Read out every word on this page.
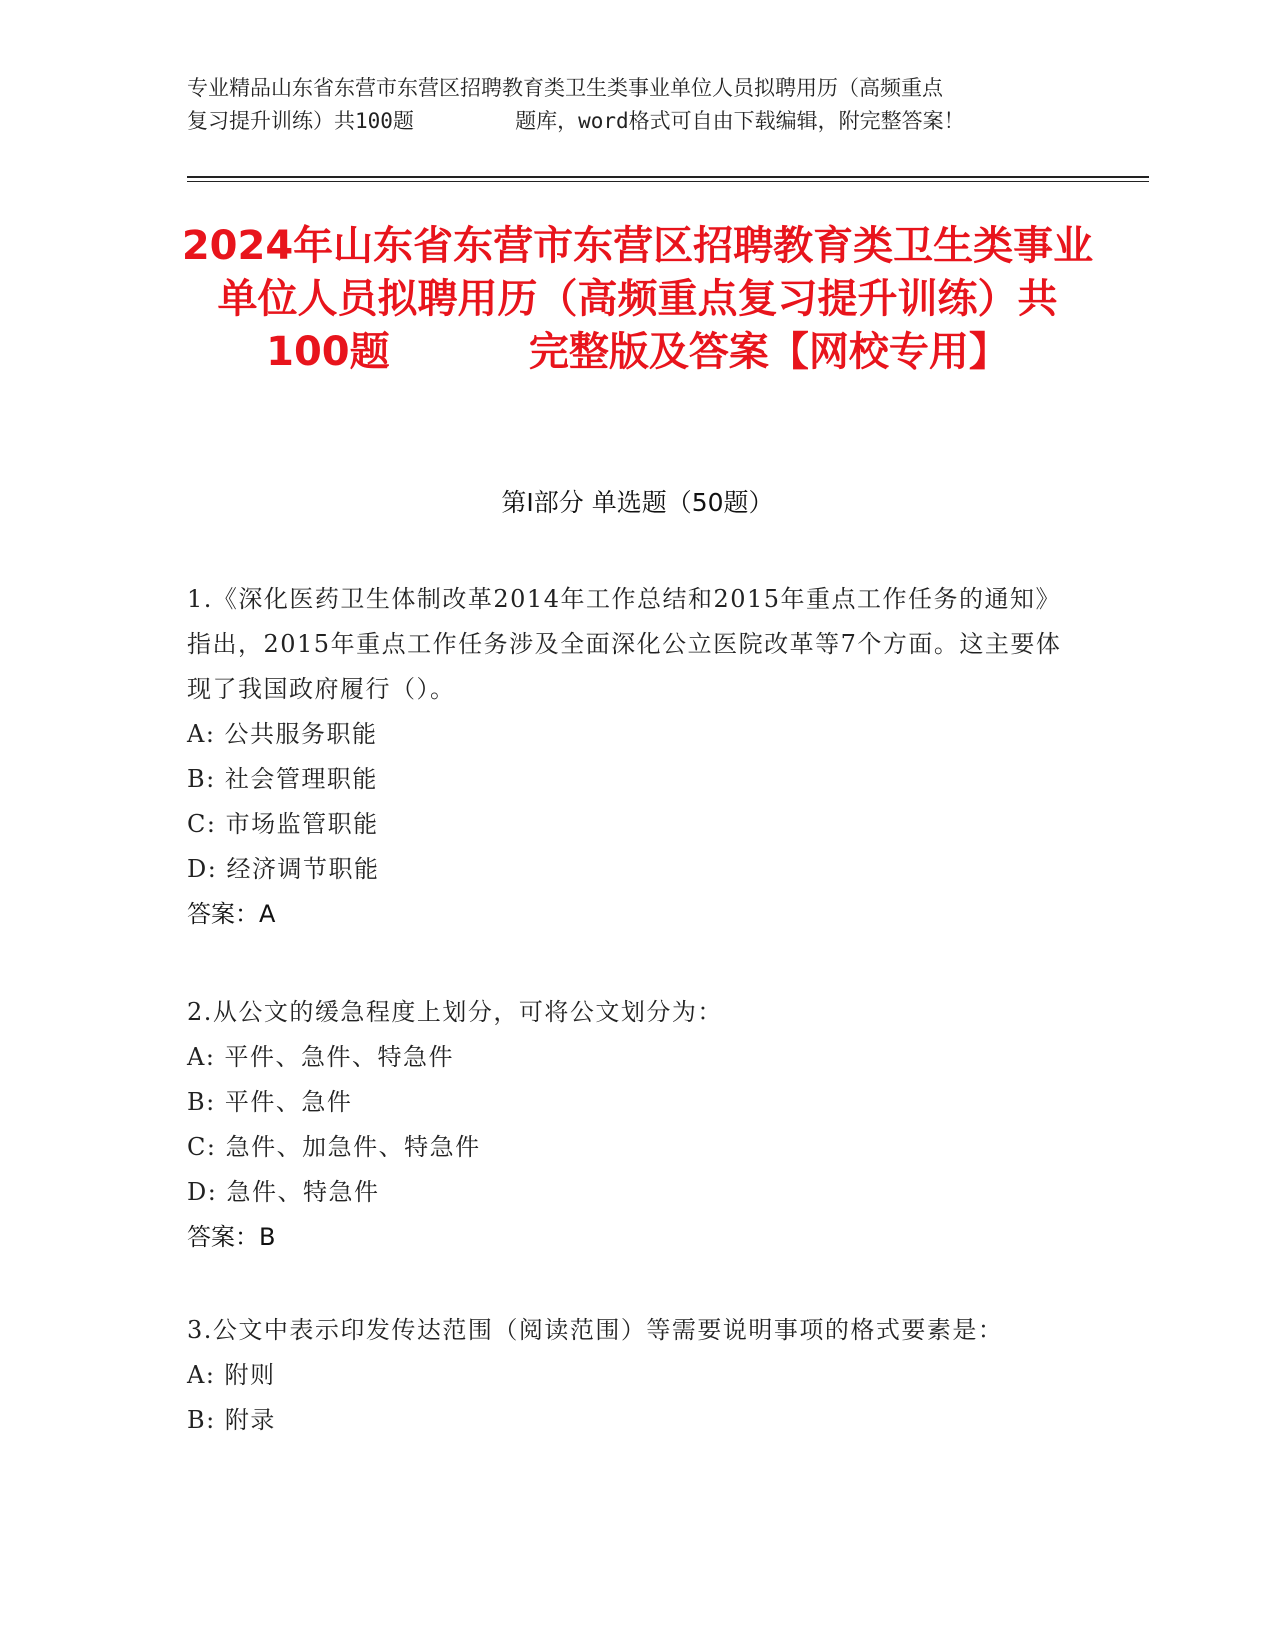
专业精品山东省东营市东营区招聘教育类卫生类事业单位人员拟聘用历（高频重点
复习提升训练）共100题        题库，word格式可自由下载编辑，附完整答案！
2024年山东省东营市东营区招聘教育类卫生类事业单位人员拟聘用历（高频重点复习提升训练）共100题          完整版及答案【网校专用】
第Ⅰ部分 单选题（50题）
1.《深化医药卫生体制改革2014年工作总结和2015年重点工作任务的通知》指出，2015年重点工作任务涉及全面深化公立医院改革等7个方面。这主要体现了我国政府履行（）。
A: 公共服务职能
B: 社会管理职能
C: 市场监管职能
D: 经济调节职能
答案：A
2.从公文的缓急程度上划分，可将公文划分为：
A: 平件、急件、特急件
B: 平件、急件
C: 急件、加急件、特急件
D: 急件、特急件
答案：B
3.公文中表示印发传达范围（阅读范围）等需要说明事项的格式要素是：
A: 附则
B: 附录
